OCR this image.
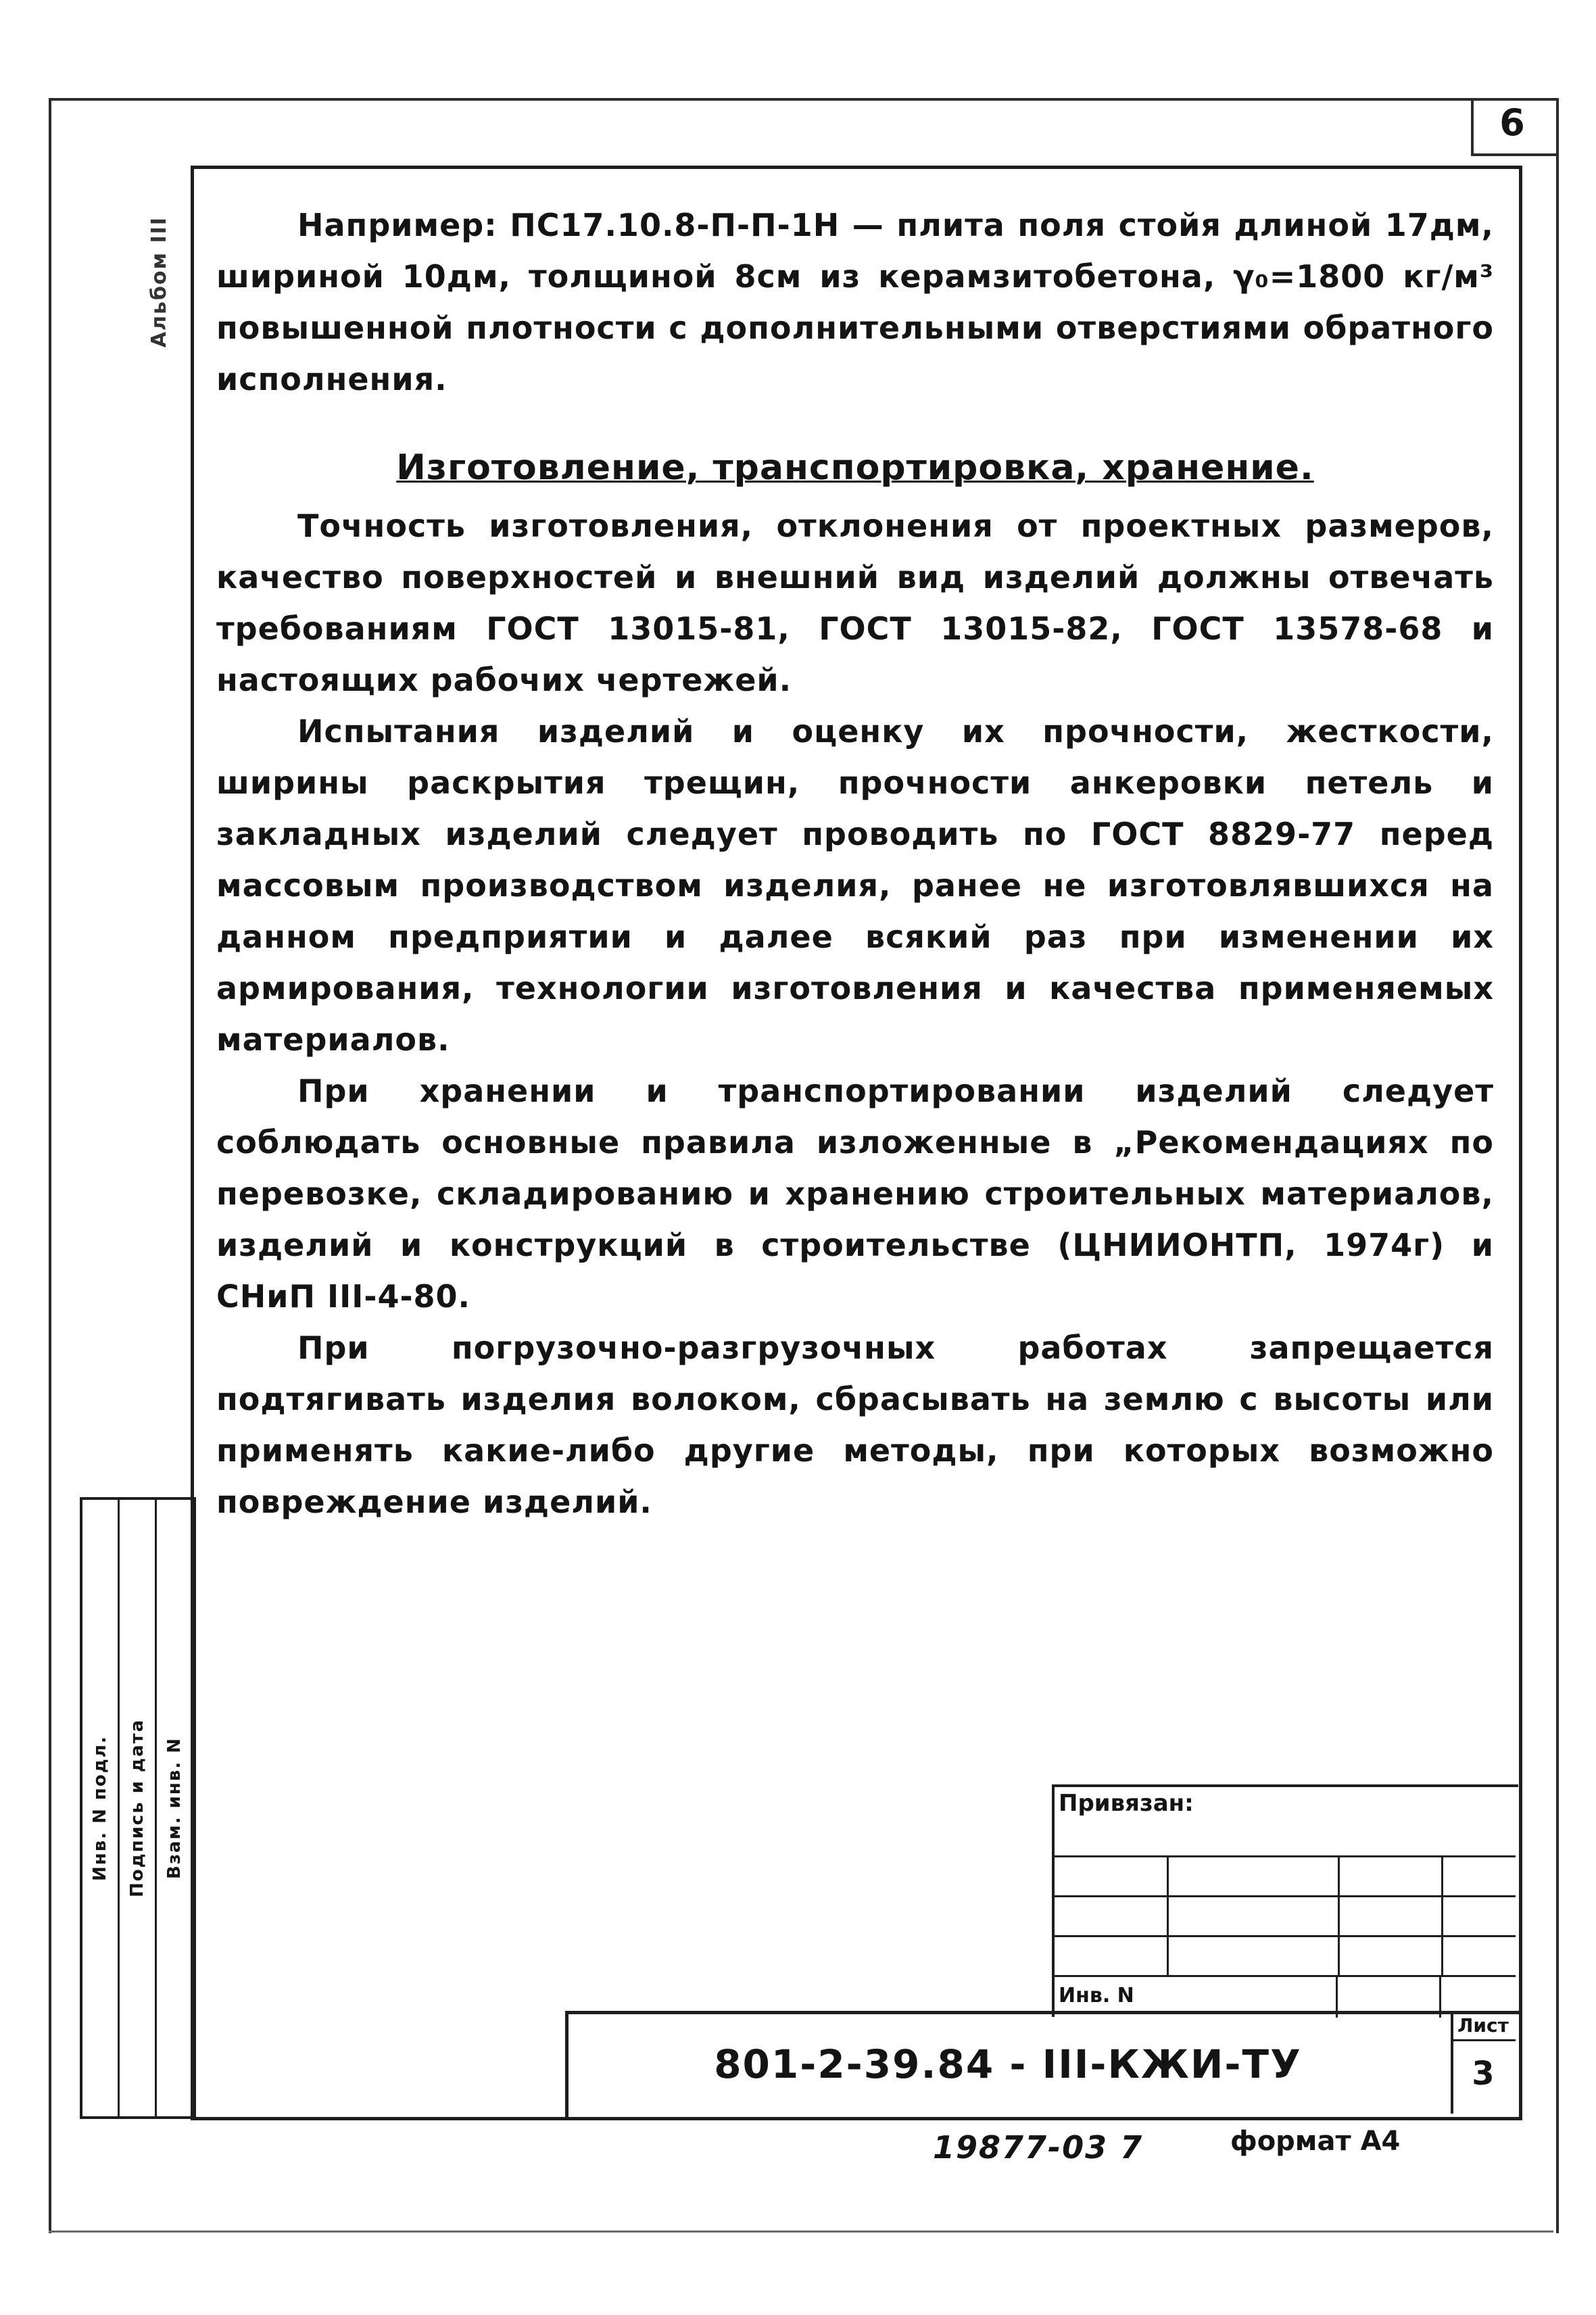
6
Альбом III
Инв. N подл. Подпись и дата Взам. инв. N

Например: ПС17.10.8-П-П-1Н — плита поля стойя длиной 17дм, шириной 10дм, толщиной 8см из керамзитобетона, γ₀=1800 кг/м³ повышенной плотности с дополнительными отверстиями обратного исполнения.

Изготовление, транспортировка, хранение.

Точность изготовления, отклонения от проектных размеров, качество поверхностей и внешний вид изделий должны отвечать требованиям ГОСТ 13015-81, ГОСТ 13015-82, ГОСТ 13578-68 и настоящих рабочих чертежей.

Испытания изделий и оценку их прочности, жесткости, ширины раскрытия трещин, прочности анкеровки петель и закладных изделий следует проводить по ГОСТ 8829-77 перед массовым производством изделия, ранее не изготовлявшихся на данном предприятии и далее всякий раз при изменении их армирования, технологии изготовления и качества применяемых материалов.

При хранении и транспортировании изделий следует соблюдать основные правила изложенные в „Рекомендациях по перевозке, складированию и хранению строительных материалов, изделий и конструкций в строительстве (ЦНИИОНТП, 1974г) и СНиП III-4-80.

При погрузочно-разгрузочных работах запрещается подтягивать изделия волоком, сбрасывать на землю с высоты или применять какие-либо другие методы, при которых возможно повреждение изделий.

Привязан:
Инв. N
801-2-39.84 - III-КЖИ-ТУ
Лист
3
19877-03 7	формат А4
